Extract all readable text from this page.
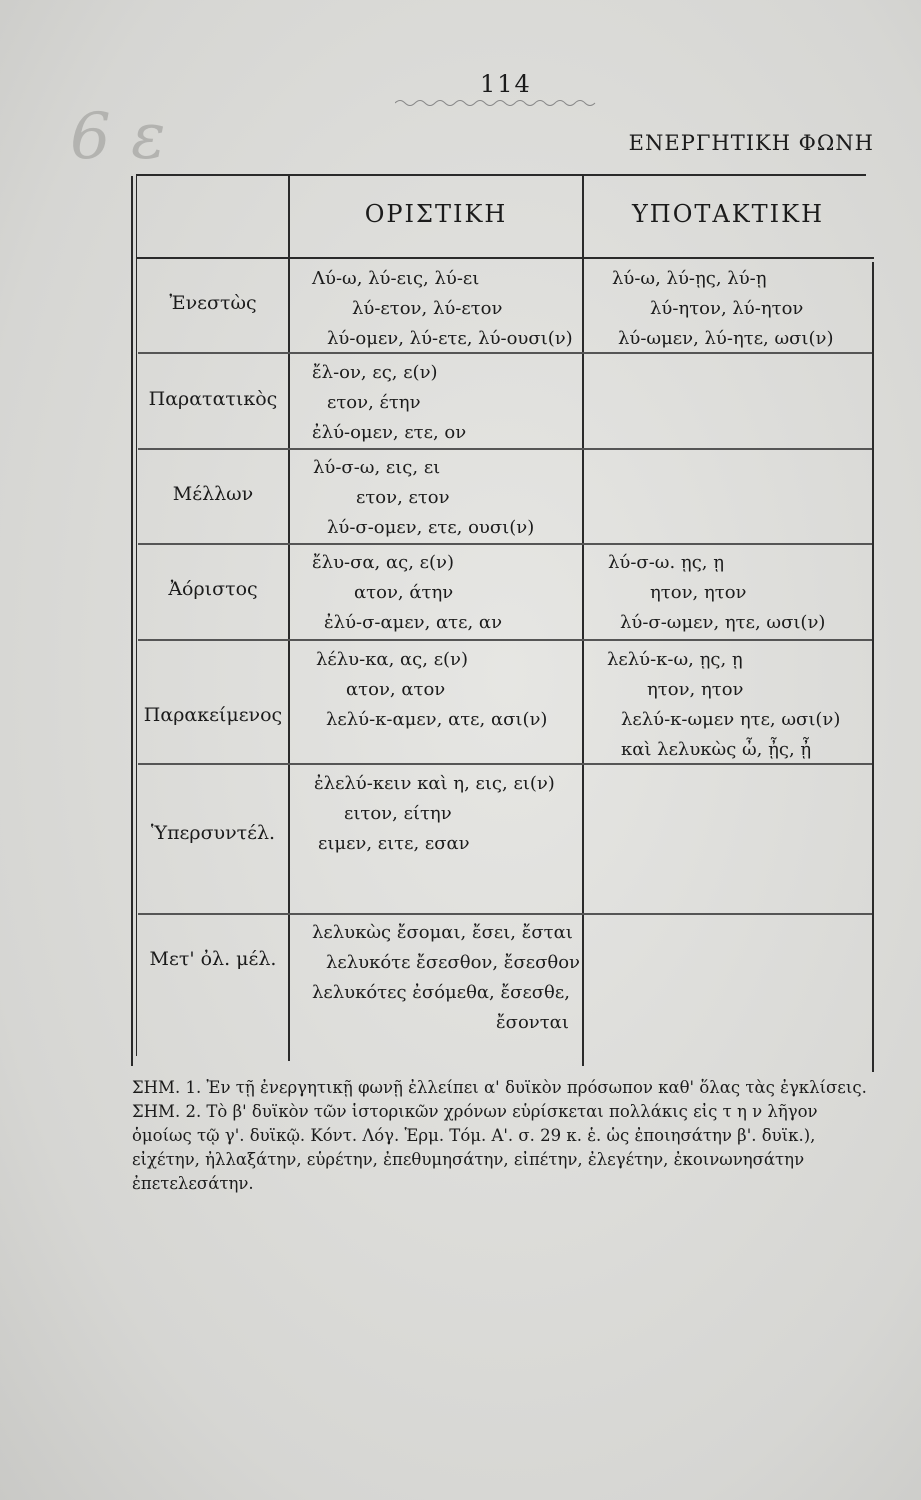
6 ε
114
ΕΝΕΡΓΗΤΙΚΗ ΦΩΝΗ
ΟΡΙΣΤΙΚΗ	ΥΠΟΤΑΚΤΙΚΗ
Ἐνεστὼς
Λύ-ω, λύ-εις, λύ-ει
λύ-ετον, λύ-ετον
λύ-ομεν, λύ-ετε, λύ-ουσι(ν)
λύ-ω, λύ-ῃς, λύ-ῃ
λύ-ητον, λύ-ητον
λύ-ωμεν, λύ-ητε, ωσι(ν)
Παρατατικὸς
ἔλ-ον, ες, ε(ν)
ετον, έτην
ἐλύ-ομεν, ετε, ον
Μέλλων
λύ-σ-ω, εις, ει
ετον, ετον
λύ-σ-ομεν, ετε, ουσι(ν)
Ἀόριστος
ἔλυ-σα, ας, ε(ν)
ατον, άτην
ἐλύ-σ-αμεν, ατε, αν
λύ-σ-ω. ῃς, ῃ
ητον, ητον
λύ-σ-ωμεν, ητε, ωσι(ν)
Παρακείμενος
λέλυ-κα, ας, ε(ν)
ατον, ατον
λελύ-κ-αμεν, ατε, ασι(ν)
λελύ-κ-ω, ῃς, ῃ
ητον, ητον
λελύ-κ-ωμεν ητε, ωσι(ν)
καὶ λελυκὼς ὦ, ᾖς, ᾖ
Ὑπερσυντέλ.
ἐλελύ-κειν καὶ η, εις, ει(ν)
ειτον, είτην
ειμεν, ειτε, εσαν
Μετ' ὀλ. μέλ.
λελυκὼς ἔσομαι, ἔσει, ἔσται
λελυκότε ἔσεσθον, ἔσεσθον
λελυκότες ἐσόμεθα, ἔσεσθε,
ἔσονται

ΣΗΜ. 1. Ἐν τῇ ἐνεργητικῇ φωνῇ ἐλλείπει α' δυϊκὸν πρόσωπον καθ' ὅλας τὰς ἐγκλίσεις.

ΣΗΜ. 2. Τὸ β' δυϊκὸν τῶν ἱστορικῶν χρόνων εὑρίσκεται πολλάκις εἰς τ η ν λῆγον ὁμοίως τῷ γ'. δυϊκῷ. Κόντ. Λόγ. Ἑρμ. Τόμ. Α'. σ. 29 κ. ἑ. ὡς ἐποιησάτην β'. δυϊκ.), εἰχέτην, ἠλλαξάτην, εὑρέτην, ἐπεθυμησάτην, εἰπέτην, ἐλεγέτην, ἐκοινωνησάτην ἐπετελεσάτην.
